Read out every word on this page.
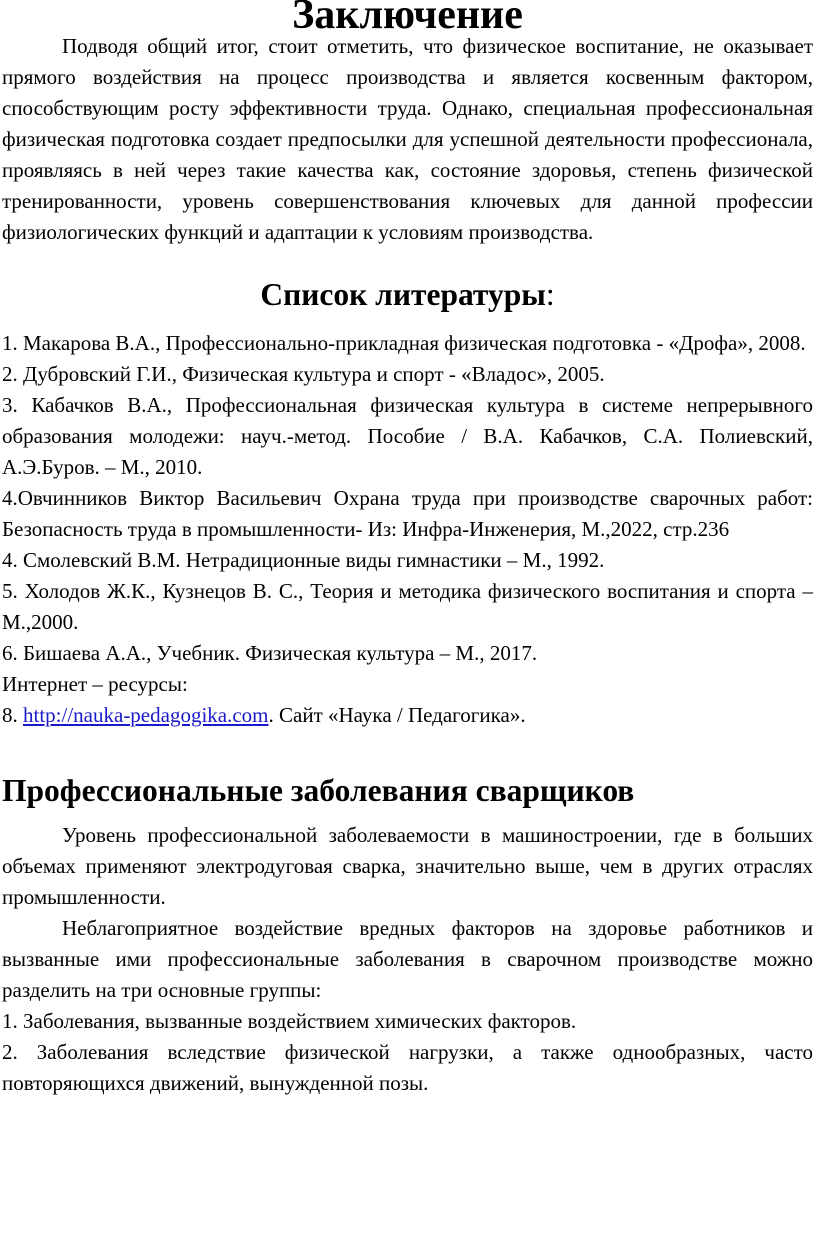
Заключение

Подводя общий итог, стоит отметить, что физическое воспитание, не оказывает прямого воздействия на процесс производства и является косвенным фактором, способствующим росту эффективности труда. Однако, специальная профессиональная физическая подготовка создает предпосылки для успешной деятельности профессионала, проявляясь в ней через такие качества как, состояние здоровья, степень физической тренированности, уровень совершенствования ключевых для данной профессии физиологических функций и адаптации к условиям производства.

Список литературы:

1. Макарова В.А., Профессионально-прикладная физическая подготовка - «Дрофа», 2008.

2. Дубровский Г.И., Физическая культура и спорт - «Владос», 2005.

3. Кабачков В.А., Профессиональная физическая культура в системе непрерывного образования молодежи: науч.-метод. Пособие / В.А. Кабачков, С.А. Полиевский, А.Э.Буров. – М., 2010.

4.Овчинников Виктор Васильевич Охрана труда при производстве сварочных работ: Безопасность труда в промышленности- Из: Инфра-Инженерия, М.,2022, стр.236

4. Смолевский В.М. Нетрадиционные виды гимнастики – М., 1992.

5. Холодов Ж.К., Кузнецов В. С., Теория и методика физического воспитания и спорта – М.,2000.

6. Бишаева А.А., Учебник. Физическая культура – М., 2017.

Интернет – ресурсы:

8. http://nauka-pedagogika.com. Сайт «Наука / Педагогика».

Профессиональные заболевания сварщиков

Уровень профессиональной заболеваемости в машиностроении, где в больших объемах применяют электродуговая сварка, значительно выше, чем в других отраслях промышленности.

Неблагоприятное воздействие вредных факторов на здоровье работников и вызванные ими профессиональные заболевания в сварочном производстве можно разделить на три основные группы:

1. Заболевания, вызванные воздействием химических факторов.

2. Заболевания вследствие физической нагрузки, а также однообразных, часто повторяющихся движений, вынужденной позы.
